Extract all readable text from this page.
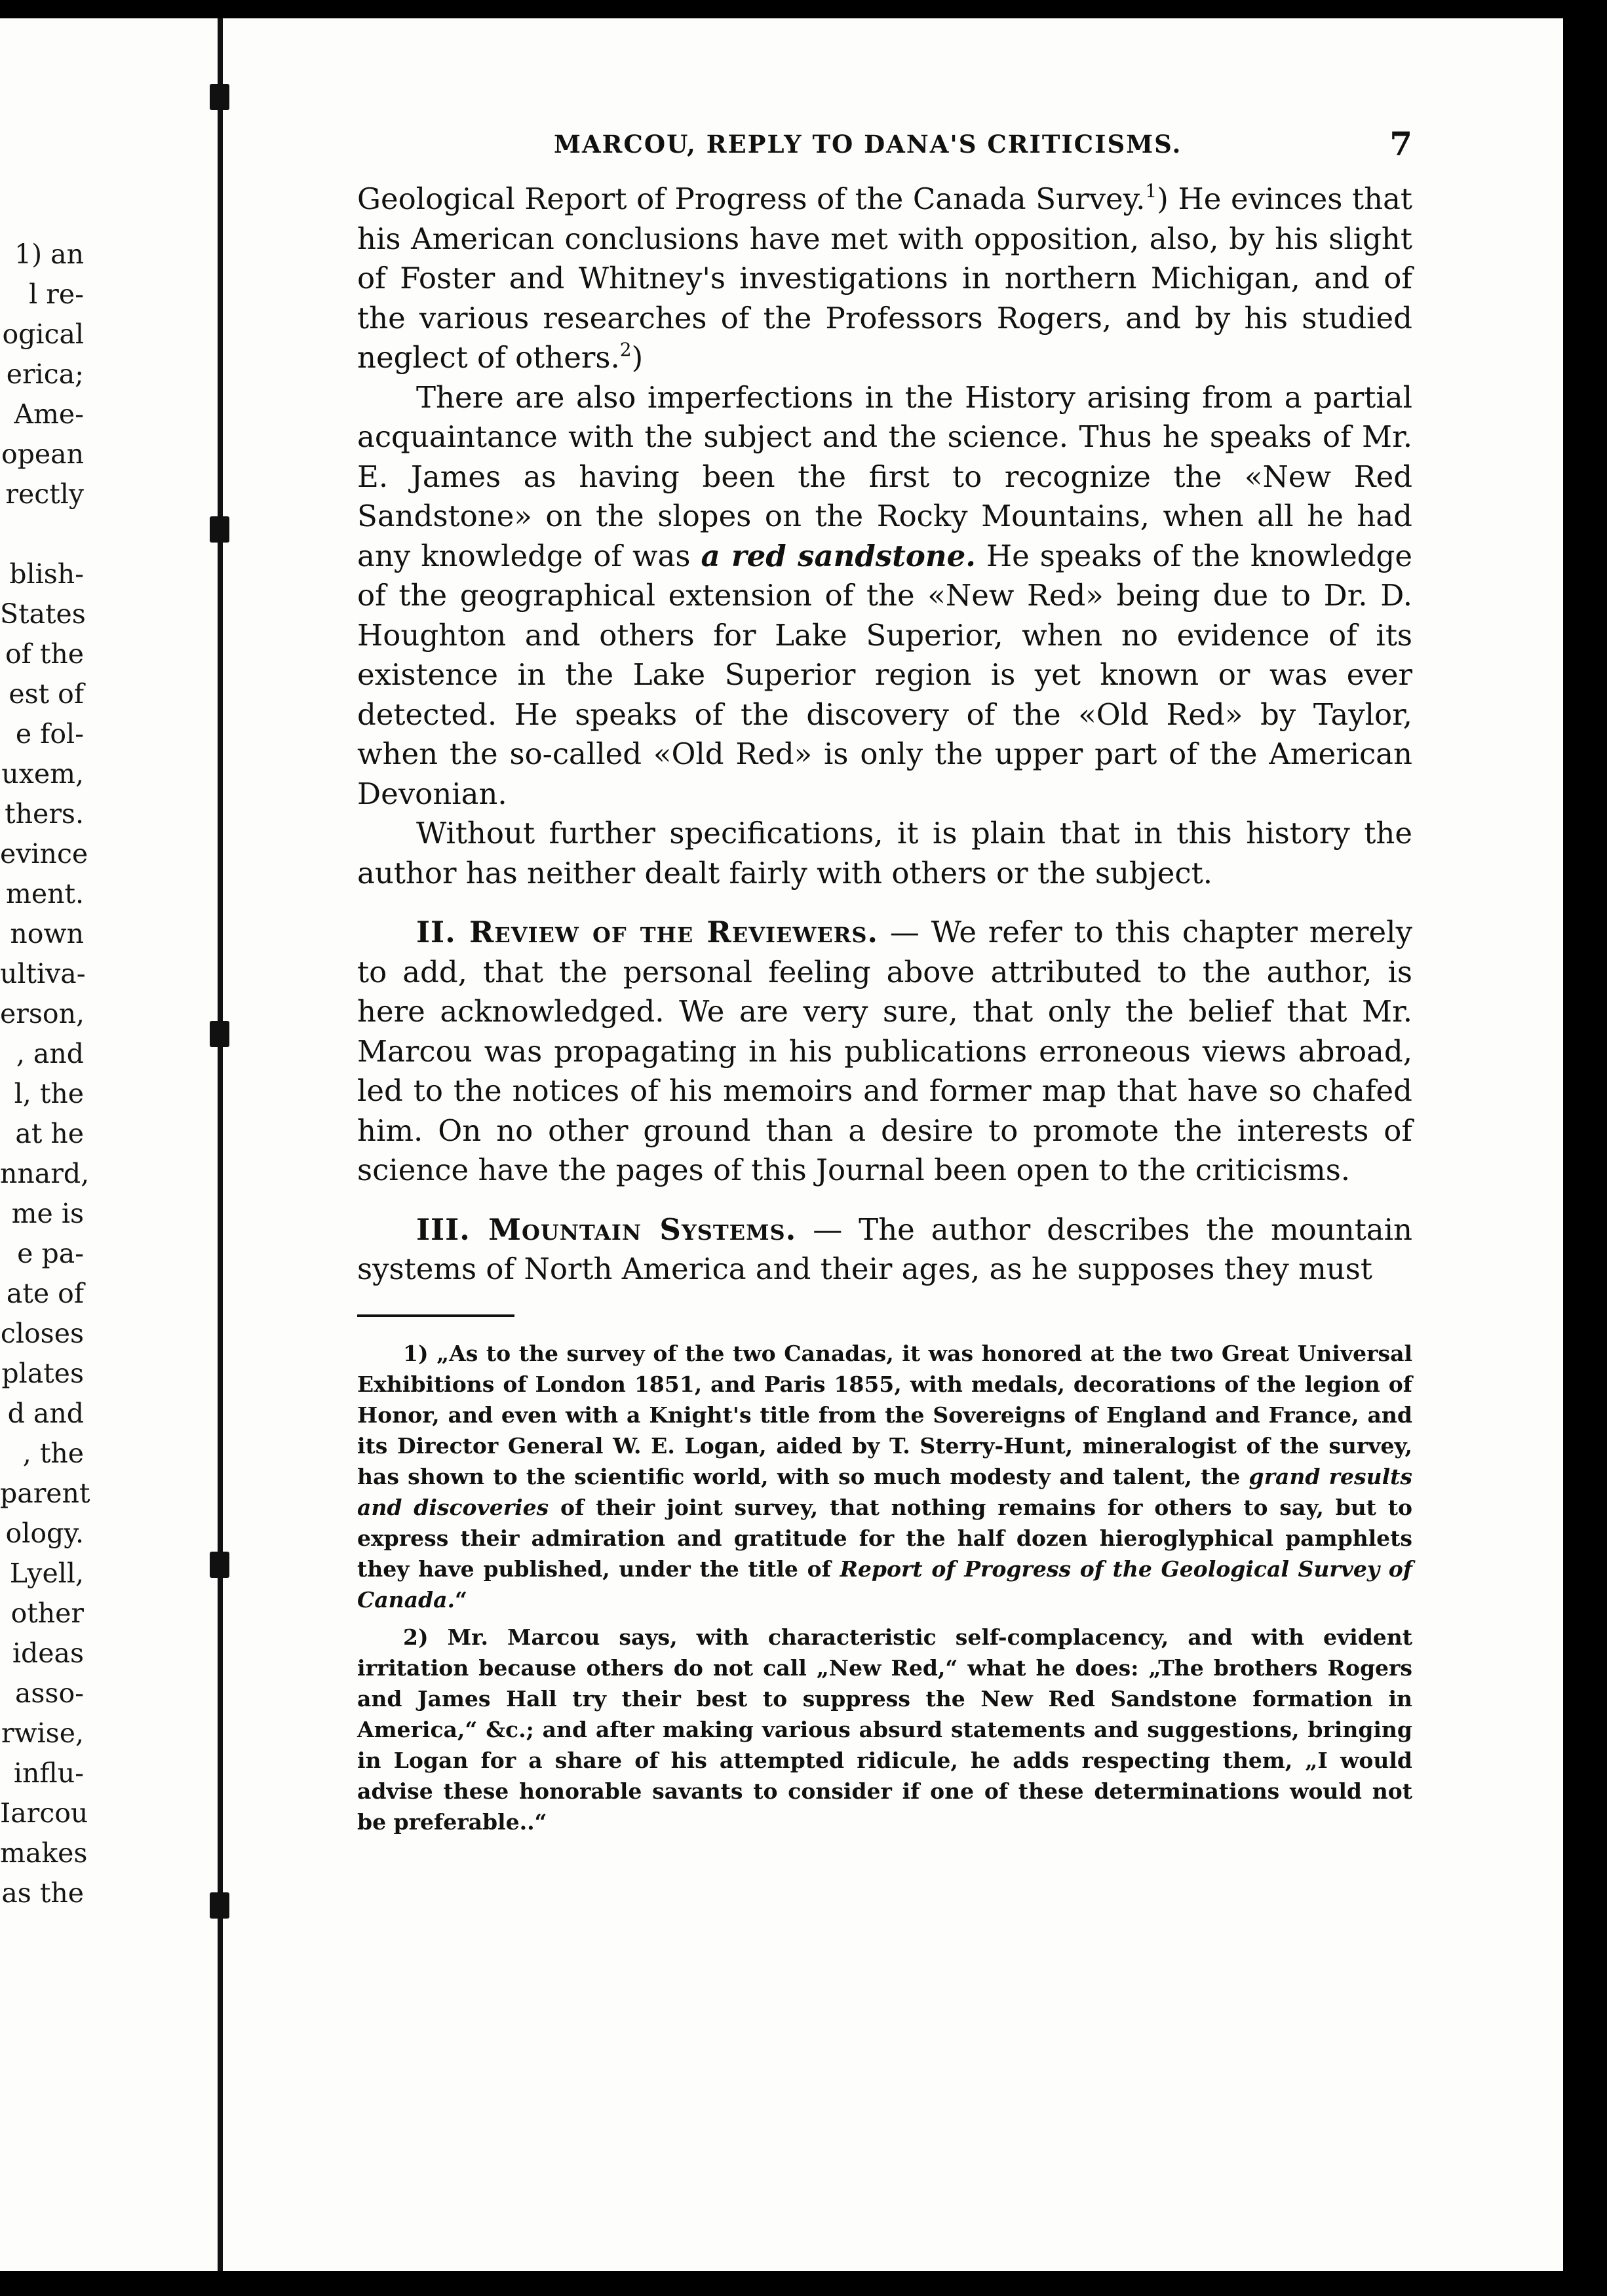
1) an
l re-
ogical
erica;
Ame-
opean
rectly
blish-
States
of the
est of
e fol-
uxem,
thers.
evince
ment.
nown
ultiva-
erson,
, and
l, the
at he
nnard,
me is
e pa-
ate of
closes
plates
d and
, the
parent
ology.
Lyell,
other
ideas
asso-
rwise,
influ-
Iarcou
makes
as the
MARCOU, REPLY TO DANA'S CRITICISMS.	7

Geological Report of Progress of the Canada Survey.$^1$) He evinces that his American conclusions have met with opposition, also, by his slight of Foster and Whitney's investigations in northern Michigan, and of the various researches of the Professors Rogers, and by his studied neglect of others.$^2$)

There are also imperfections in the History arising from a partial acquaintance with the subject and the science. Thus he speaks of Mr. E. James as having been the first to recognize the «New Red Sandstone» on the slopes on the Rocky Mountains, when all he had any knowledge of was a red sandstone. He speaks of the knowledge of the geographical extension of the «New Red» being due to Dr. D. Houghton and others for Lake Superior, when no evidence of its existence in the Lake Superior region is yet known or was ever detected. He speaks of the discovery of the «Old Red» by Taylor, when the so-called «Old Red» is only the upper part of the American Devonian.

Without further specifications, it is plain that in this history the author has neither dealt fairly with others or the subject.

II. Review of the Reviewers. — We refer to this chapter merely to add, that the personal feeling above attributed to the author, is here acknowledged. We are very sure, that only the belief that Mr. Marcou was propagating in his publications erroneous views abroad, led to the notices of his memoirs and former map that have so chafed him. On no other ground than a desire to promote the interests of science have the pages of this Journal been open to the criticisms.

III. Mountain Systems. — The author describes the mountain systems of North America and their ages, as he supposes they must

1) „As to the survey of the two Canadas, it was honored at the two Great Universal Exhibitions of London 1851, and Paris 1855, with medals, decorations of the legion of Honor, and even with a Knight's title from the Sovereigns of England and France, and its Director General W. E. Logan, aided by T. Sterry-Hunt, mineralogist of the survey, has shown to the scientific world, with so much modesty and talent, the grand results and discoveries of their joint survey, that nothing remains for others to say, but to express their admiration and gratitude for the half dozen hieroglyphical pamphlets they have published, under the title of Report of Progress of the Geological Survey of Canada.“

2) Mr. Marcou says, with characteristic self-complacency, and with evident irritation because others do not call „New Red,“ what he does: „The brothers Rogers and James Hall try their best to suppress the New Red Sandstone formation in America,“ &c.; and after making various absurd statements and suggestions, bringing in Logan for a share of his attempted ridicule, he adds respecting them, „I would advise these honorable savants to consider if one of these determinations would not be preferable..“
